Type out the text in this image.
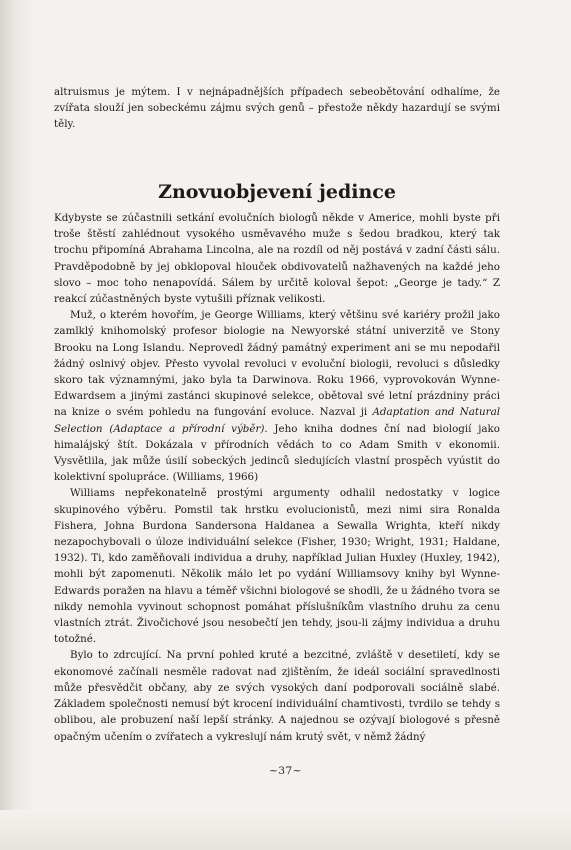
altruismus je mýtem. I v nejnápadnějších případech sebeobětování odhalíme, že zvířata slouží jen sobeckému zájmu svých genů – přestože někdy hazardují se svými těly.

Znovuobjevení jedince

Kdybyste se zúčastnili setkání evolučních biologů někde v Americe, mohli byste při troše štěstí zahlédnout vysokého usměvavého muže s šedou bradkou, který tak trochu připomíná Abrahama Lincolna, ale na rozdíl od něj postává v zadní části sálu. Pravděpodobně by jej obklopoval hlouček obdivovatelů nažhavených na každé jeho slovo – moc toho nenapovídá. Sálem by určitě koloval šepot: „George je tady.“ Z reakcí zúčastněných byste vytušili příznak velikosti.

Muž, o kterém hovořím, je George Williams, který většinu své kariéry prožil jako zamlklý knihomolský profesor biologie na Newyorské státní univerzitě ve Stony Brooku na Long Islandu. Neprovedl žádný památný experiment ani se mu nepodařil žádný oslnivý objev. Přesto vyvolal revoluci v evoluční biologii, revoluci s důsledky skoro tak významnými, jako byla ta Darwinova. Roku 1966, vyprovokován Wynne-Edwardsem a jinými zastánci skupinové selekce, obětoval své letní prázdniny práci na knize o svém pohledu na fungování evoluce. Nazval ji Adaptation and Natural Selection (Adaptace a přírodní výběr). Jeho kniha dodnes ční nad biologií jako himalájský štít. Dokázala v přírodních vědách to co Adam Smith v ekonomii. Vysvětlila, jak může úsilí sobeckých jedinců sledujících vlastní prospěch vyústit do kolektivní spolupráce. (Williams, 1966)

Williams nepřekonatelně prostými argumenty odhalil nedostatky v logice skupinového výběru. Pomstil tak hrstku evolucionistů, mezi nimi sira Ronalda Fishera, Johna Burdona Sandersona Haldanea a Sewalla Wrighta, kteří nikdy nezapochybovali o úloze individuální selekce (Fisher, 1930; Wright, 1931; Haldane, 1932). Ti, kdo zaměňovali individua a druhy, například Julian Huxley (Huxley, 1942), mohli být zapomenuti. Několik málo let po vydání Williamsovy knihy byl Wynne-Edwards poražen na hlavu a téměř všichni biologové se shodli, že u žádného tvora se nikdy nemohla vyvinout schopnost pomáhat příslušníkům vlastního druhu za cenu vlastních ztrát. Živočichové jsou nesobečtí jen tehdy, jsou-li zájmy individua a druhu totožné.

Bylo to zdrcující. Na první pohled kruté a bezcitné, zvláště v desetiletí, kdy se ekonomové začínali nesměle radovat nad zjištěním, že ideál sociální spravedlnosti může přesvědčit občany, aby ze svých vysokých daní podporovali sociálně slabé. Základem společnosti nemusí být krocení individuální chamtivosti, tvrdilo se tehdy s oblibou, ale probuzení naší lepší stránky. A najednou se ozývají biologové s přesně opačným učením o zvířatech a vykreslují nám krutý svět, v němž žádný

~37~
